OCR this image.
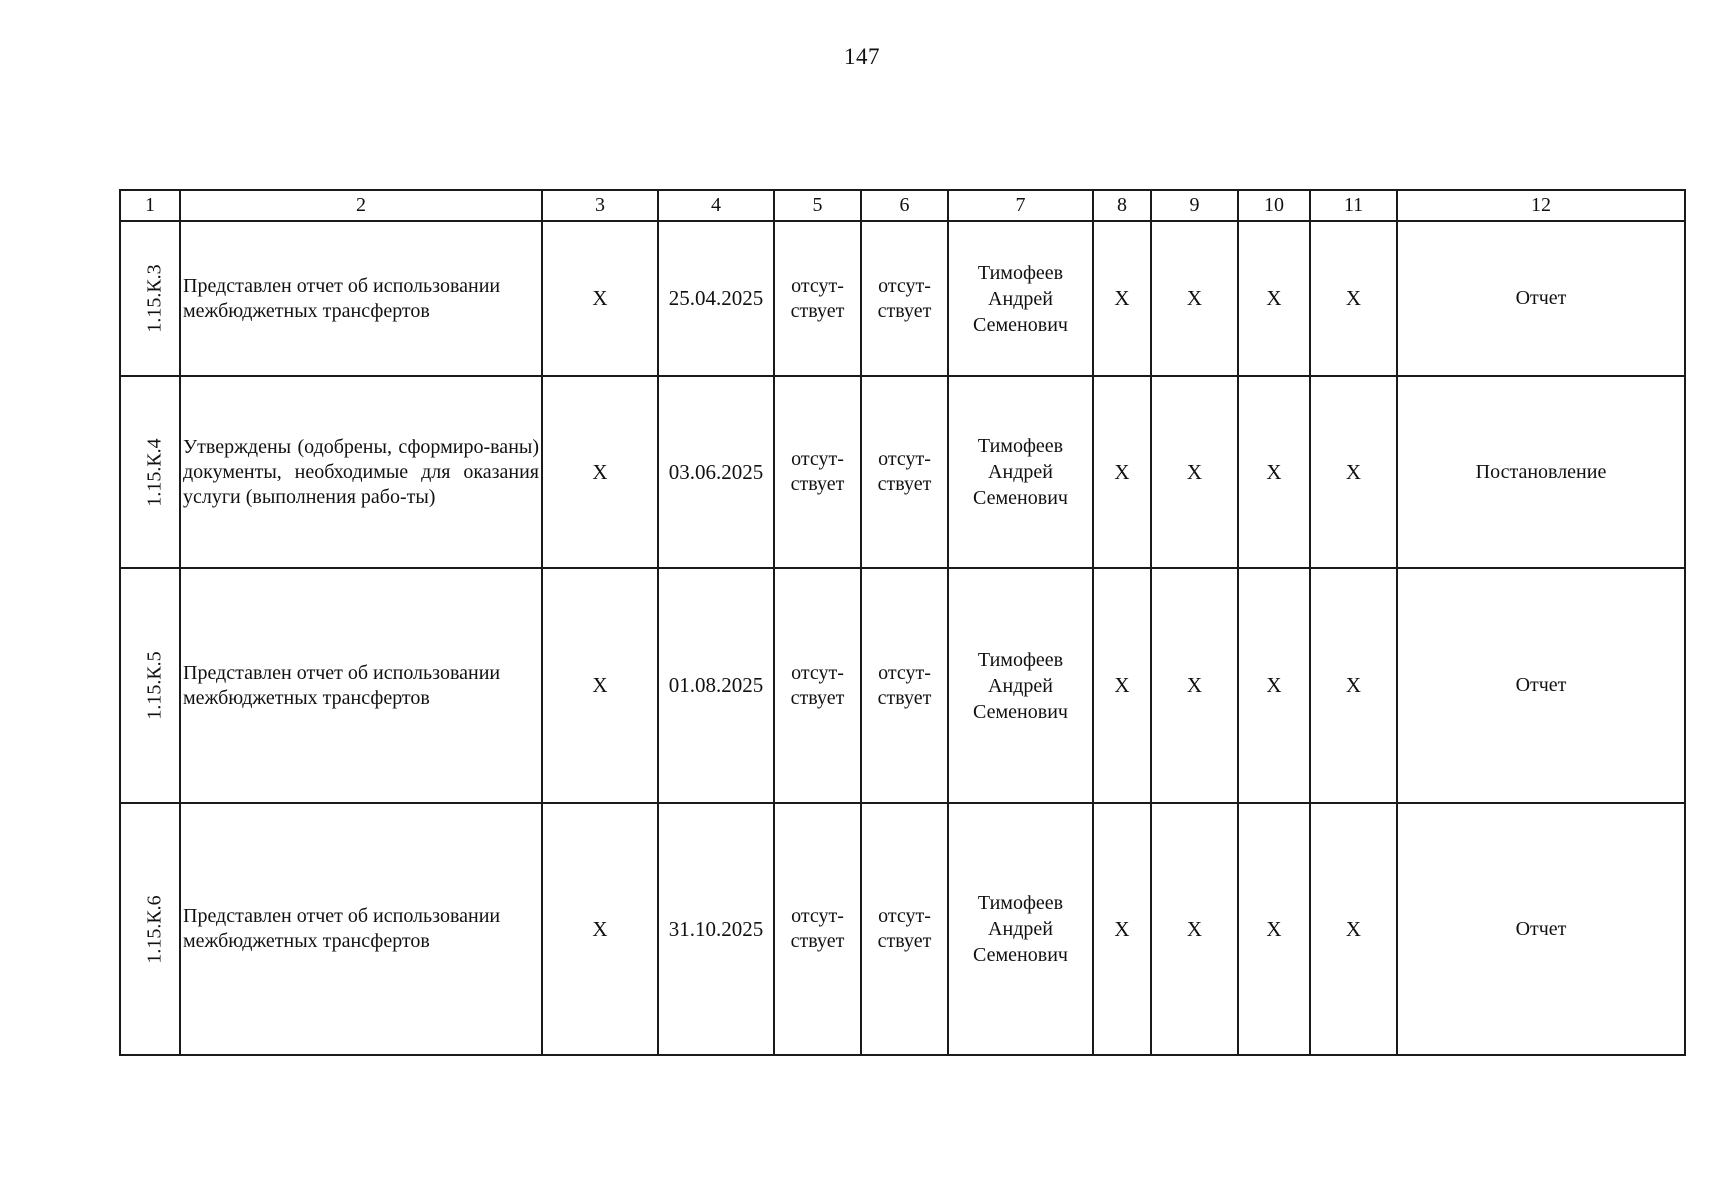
147
1	2	3	4	5	6	7	8	9	10	11	12
1.15.К.3	Представлен отчет об использовании межбюджетных трансфертов	Х	25.04.2025	отсут-
ствует	отсут-
ствует	Тимофеев
Андрей
Семенович	Х	Х	Х	Х	Отчет
1.15.К.4	Утверждены (одобрены, сформиро-ваны) документы, необходимые для оказания услуги (выполнения рабо-ты)	Х	03.06.2025	отсут-
ствует	отсут-
ствует	Тимофеев
Андрей
Семенович	Х	Х	Х	Х	Постановление
1.15.К.5	Представлен отчет об использовании межбюджетных трансфертов	Х	01.08.2025	отсут-
ствует	отсут-
ствует	Тимофеев
Андрей
Семенович	Х	Х	Х	Х	Отчет
1.15.К.6	Представлен отчет об использовании межбюджетных трансфертов	Х	31.10.2025	отсут-
ствует	отсут-
ствует	Тимофеев
Андрей
Семенович	Х	Х	Х	Х	Отчет
